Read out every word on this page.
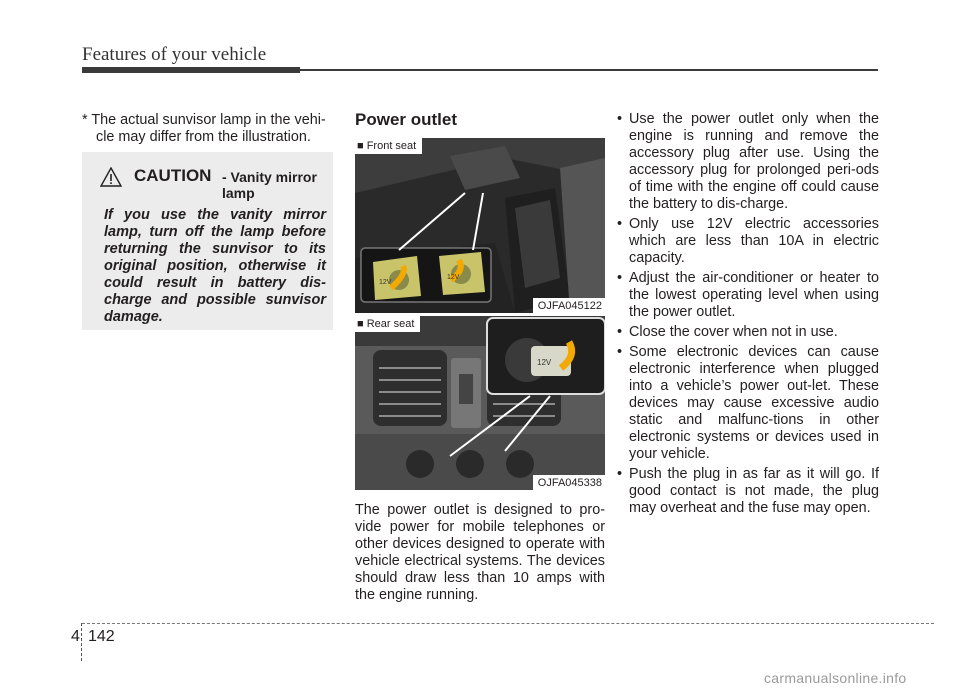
Features of your vehicle
* The actual sunvisor lamp in the vehi-
cle may differ from the illustration.
CAUTION - Vanity mirror lamp
If you use the vanity mirror lamp, turn off the lamp before returning the sunvisor to its original position, otherwise it could result in battery dis-charge and possible sunvisor damage.
Power outlet
12V
12V
■ Front seat
OJFA045122
12V
■ Rear seat
OJFA045338
The power outlet is designed to pro-vide power for mobile telephones or other devices designed to operate with vehicle electrical systems. The devices should draw less than 10 amps with the engine running.
• Use the power outlet only when the engine is running and remove the accessory plug after use. Using the accessory plug for prolonged peri-ods of time with the engine off could cause the battery to dis-charge.
• Only use 12V electric accessories which are less than 10A in electric capacity.
• Adjust the air-conditioner or heater to the lowest operating level when using the power outlet.
• Close the cover when not in use.
• Some electronic devices can cause electronic interference when plugged into a vehicle’s power out-let. These devices may cause excessive audio static and malfunc-tions in other electronic systems or devices used in your vehicle.
• Push the plug in as far as it will go. If good contact is not made, the plug may overheat and the fuse may open.
4 142
carmanualsonline.info
